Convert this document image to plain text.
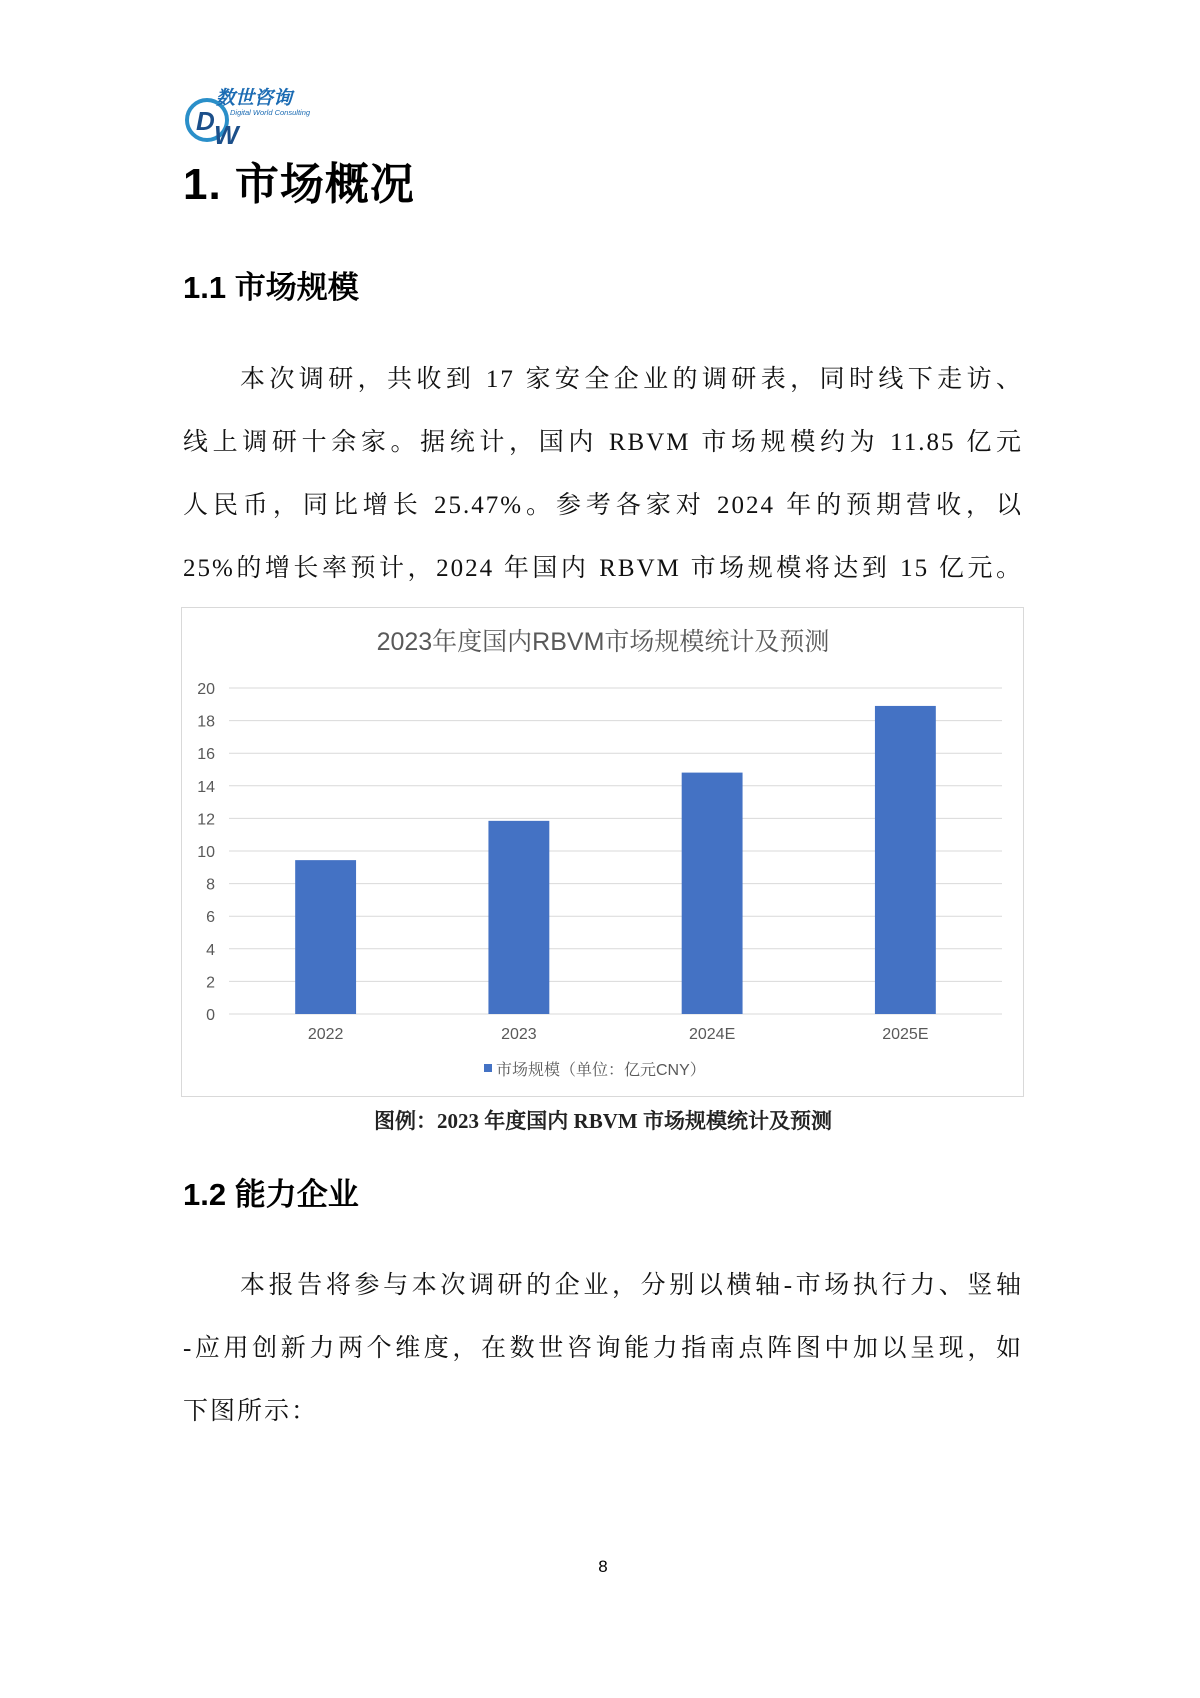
D W
数世咨询
Digital World Consulting
1. 市场概况
1.1 市场规模
本次调研，共收到 17 家安全企业的调研表，同时线下走访、
线上调研十余家。据统计，国内 RBVM 市场规模约为 11.85 亿元
人民币，同比增长 25.47%。参考各家对 2024 年的预期营收，以
25%的增长率预计，2024 年国内 RBVM 市场规模将达到 15 亿元。
2023年度国内RBVM市场规模统计及预测
0
2
4
6
8
10
12
14
16
18
20
2022	2023	2024E	2025E
市场规模（单位：亿元CNY）
图例：2023 年度国内 RBVM 市场规模统计及预测
1.2 能力企业
本报告将参与本次调研的企业，分别以横轴-市场执行力、竖轴
-应用创新力两个维度，在数世咨询能力指南点阵图中加以呈现，如
下图所示：
8
